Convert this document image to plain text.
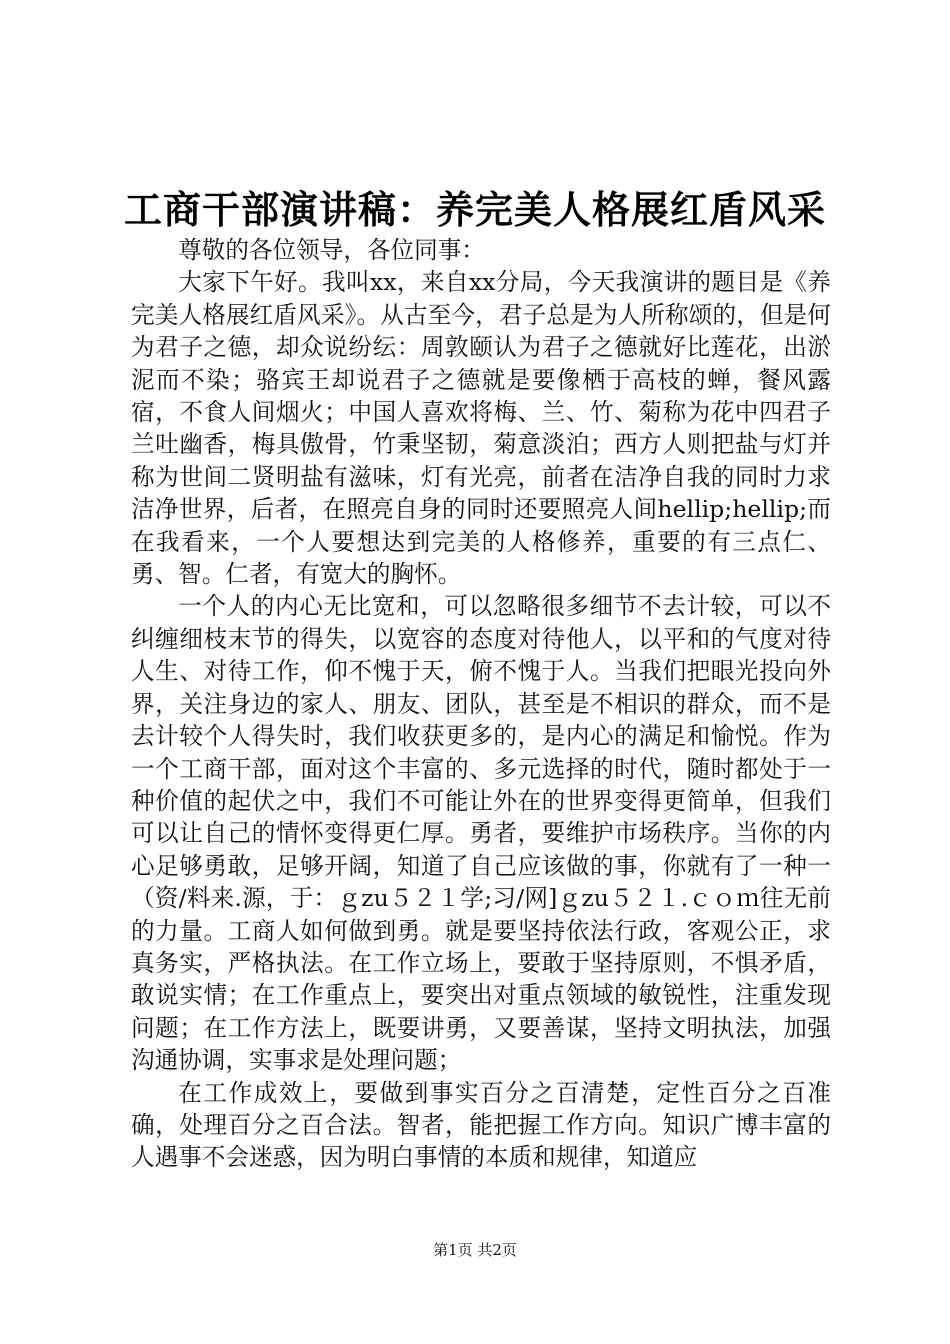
工商干部演讲稿：养完美人格展红盾风采

尊敬的各位领导，各位同事：

大家下午好。我叫xx，来自xx分局，今天我演讲的题目是《养完美人格展红盾风采》。从古至今，君子总是为人所称颂的，但是何为君子之德，却众说纷纭：周敦颐认为君子之德就好比莲花，出淤泥而不染；骆宾王却说君子之德就是要像栖于高枝的蝉，餐风露宿，不食人间烟火；中国人喜欢将梅、兰、竹、菊称为花中四君子兰吐幽香，梅具傲骨，竹秉坚韧，菊意淡泊；西方人则把盐与灯并称为世间二贤明盐有滋味，灯有光亮，前者在洁净自我的同时力求洁净世界，后者，在照亮自身的同时还要照亮人间hellip;hellip;而在我看来，一个人要想达到完美的人格修养，重要的有三点仁、勇、智。仁者，有宽大的胸怀。

一个人的内心无比宽和，可以忽略很多细节不去计较，可以不纠缠细枝末节的得失，以宽容的态度对待他人，以平和的气度对待人生、对待工作，仰不愧于天，俯不愧于人。当我们把眼光投向外界，关注身边的家人、朋友、团队，甚至是不相识的群众，而不是去计较个人得失时，我们收获更多的，是内心的满足和愉悦。作为一个工商干部，面对这个丰富的、多元选择的时代，随时都处于一种价值的起伏之中，我们不可能让外在的世界变得更简单，但我们可以让自己的情怀变得更仁厚。勇者，要维护市场秩序。当你的内心足够勇敢，足够开阔，知道了自己应该做的事，你就有了一种一（资/料来.源，于：ｇzu５２１学;习/网]ｇzu５２１.ｃｏｍ往无前的力量。工商人如何做到勇。就是要坚持依法行政，客观公正，求真务实，严格执法。在工作立场上，要敢于坚持原则，不惧矛盾，敢说实情；在工作重点上，要突出对重点领域的敏锐性，注重发现问题；在工作方法上，既要讲勇，又要善谋，坚持文明执法，加强沟通协调，实事求是处理问题；

在工作成效上，要做到事实百分之百清楚，定性百分之百准确，处理百分之百合法。智者，能把握工作方向。知识广博丰富的人遇事不会迷惑，因为明白事情的本质和规律，知道应

第1页 共2页
